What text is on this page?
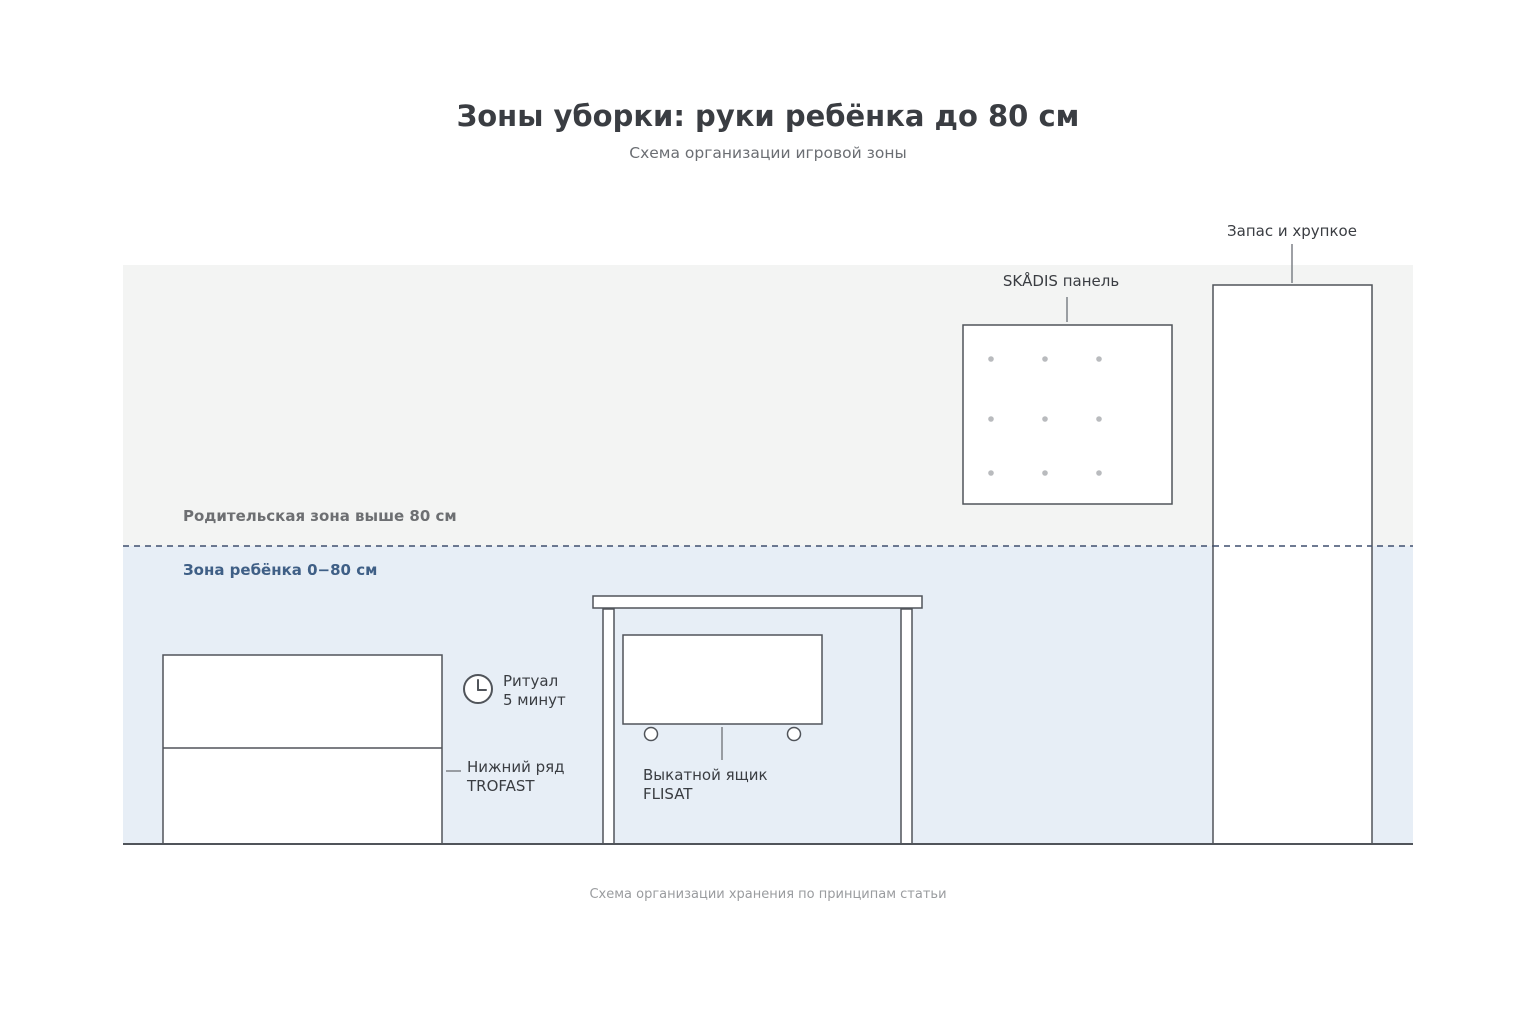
Зоны уборки: руки ребёнка до 80 см
Схема организации игровой зоны
Родительская зона выше 80 см
Зона ребёнка 0−80 см
SKÅDIS панель
Запас и хрупкое
Нижний ряд
TROFAST
Ритуал
5 минут
Выкатной ящик
FLISAT
Схема организации хранения по принципам статьи
